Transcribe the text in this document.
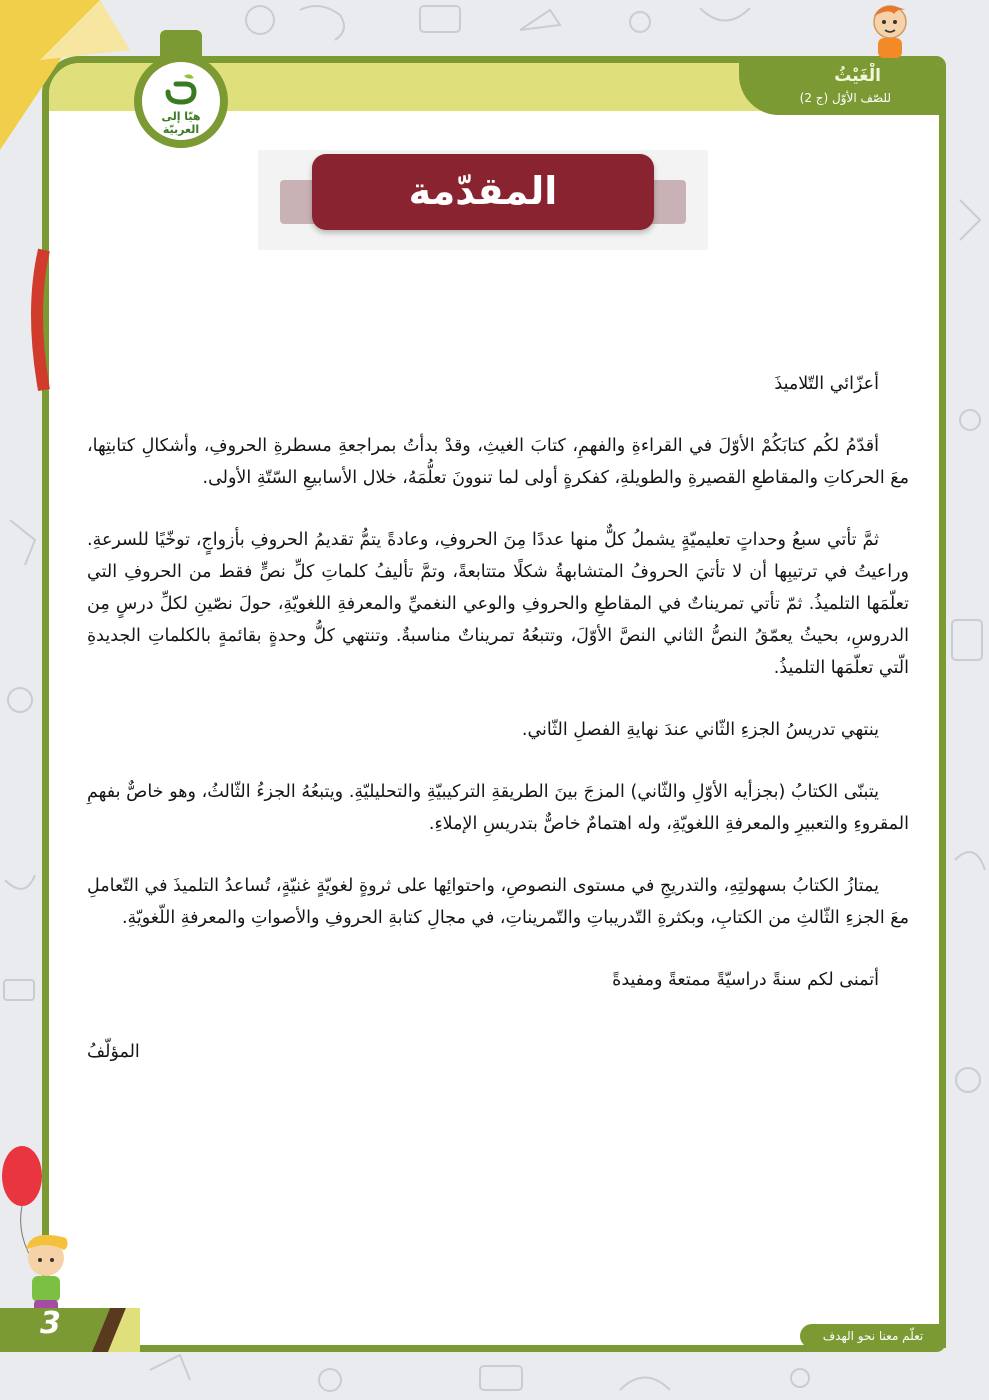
الْغَيْثُ
للصّف الأوّل (ج 2)

أعزّائي التّلاميذَ

أقدّمُ لكُم كتابَكُمْ الأوّلَ في القراءةِ والفهمِ، كتابَ الغيثِ، وقدْ بدأتُ بمراجعةِ مسطرةِ الحروفِ، وأشكالِ كتابتِها، معَ الحركاتِ والمقاطعِ القصيرةِ والطويلةِ، كفكرةٍ أولى لما تنوونَ تعلُّمَهُ، خلال الأسابيعِ السّتّةِ الأولى.

ثمَّ تأتي سبعُ وحداتٍ تعليميّةٍ يشملُ كلٌّ منها عددًا مِنَ الحروفِ، وعادةً يتمُّ تقديمُ الحروفِ بأزواجٍ، توخّيًا للسرعةِ. وراعيتُ في ترتيبِها أن لا تأتيَ الحروفُ المتشابهةُ شكلًا متتابعةً، وتمَّ تأليفُ كلماتِ كلِّ نصٍّ فقط من الحروفِ التي تعلّمَها التلميذُ. ثمّ تأتي تمريناتٌ في المقاطعِ والحروفِ والوعي النغميِّ والمعرفةِ اللغويّةِ، حولَ نصّينِ لكلِّ درسٍ مِن الدروسِ، بحيثُ يعمّقُ النصُّ الثاني النصَّ الأوّلَ، وتتبعُهُ تمريناتٌ مناسبةٌ. وتنتهي كلُّ وحدةٍ بقائمةٍ بالكلماتِ الجديدةِ الّتي تعلّمَها التلميذُ.

ينتهي تدريسُ الجزءِ الثّاني عندَ نهايةِ الفصلِ الثّاني.

يتبنّى الكتابُ (بجزأيه الأوّلِ والثّاني) المزجَ بينَ الطريقةِ التركيبيّةِ والتحليليّةِ. ويتبعُهُ الجزءُ الثّالثُ، وهو خاصٌّ بفهمِ المقروءِ والتعبيرِ والمعرفةِ اللغويّةِ، وله اهتمامٌ خاصٌّ بتدريسِ الإملاءِ.

يمتازُ الكتابُ بسهولتِهِ، والتدريجِ في مستوى النصوصِ، واحتوائِها على ثروةٍ لغويّةٍ غنيّةٍ، تُساعدُ التلميذَ في التّعاملِ معَ الجزءِ الثّالثِ من الكتابِ، وبكثرةِ التّدريباتِ والتّمريناتِ، في مجالِ كتابةِ الحروفِ والأصواتِ والمعرفةِ اللّغويّةِ.

أتمنى لكم سنةً دراسيّةً ممتعةً ومفيدةً

المؤلّفُ

هيّا إلى العربيّة
المقدّمة
3	تعلّم معنا نحو الهدف
